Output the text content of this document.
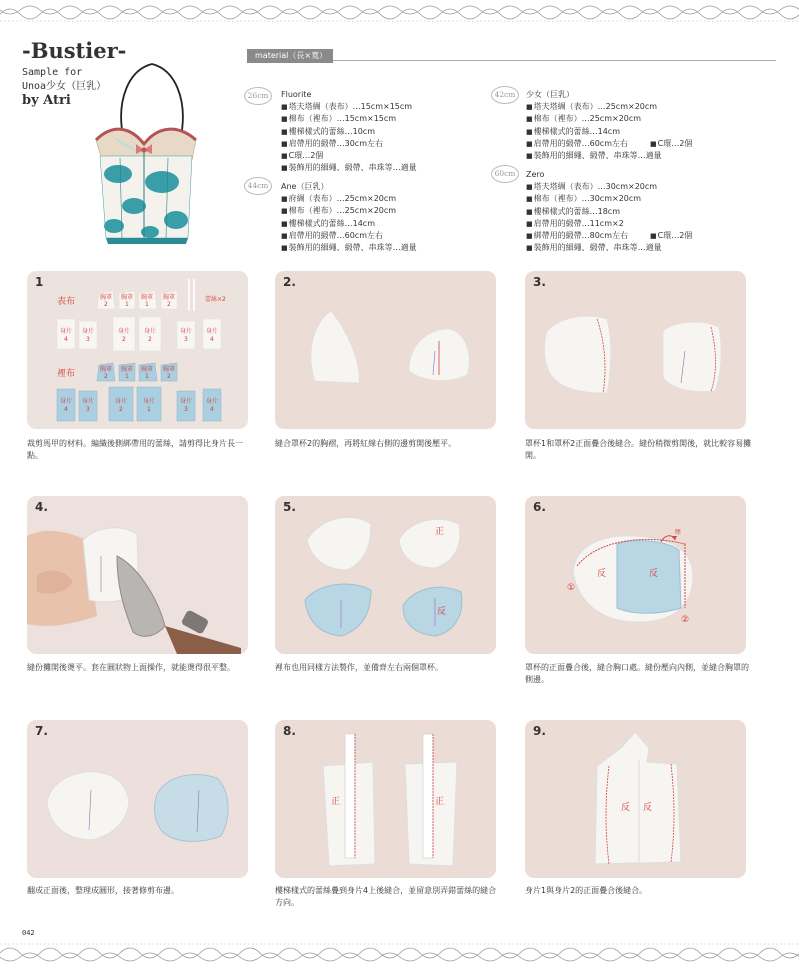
-Bustier-
Sample for
Unoa少女（巨乳）
by Atri
material（長×寬）
26cm	Fluorite
■ 塔夫塔綢（表布）…15cm×15cm
■ 棉布（裡布）…15cm×15cm
■ 樓梯樣式的蕾絲…10cm
■ 肩帶用的緞帶…30cm左右
■ C環…2個
■ 裝飾用的細繩、緞帶、串珠等…適量
44cm	Ane（巨乳）
■ 府綢（表布）…25cm×20cm
■ 棉布（裡布）…25cm×20cm
■ 樓梯樣式的蕾絲…14cm
■ 肩帶用的緞帶…60cm左右
■ 裝飾用的細繩、緞帶、串珠等…適量
42cm	少女（巨乳）
■ 塔夫塔綢（表布）…25cm×20cm
■ 棉布（裡布）…25cm×20cm
■ 樓梯樣式的蕾絲…14cm
■ 肩帶用的緞帶…60cm左右	■ C環…2個
■ 裝飾用的細繩、緞帶、串珠等…適量
60cm	Zero
■ 塔夫塔綢（表布）…30cm×20cm
■ 棉布（裡布）…30cm×20cm
■ 樓梯樣式的蕾絲…18cm
■ 肩帶用的緞帶…11cm×2
■ 綁帶用的緞帶…80cm左右	■ C環…2個
■ 裝飾用的細繩、緞帶、串珠等…適量
表布
裡布
蕾絲×2
胸罩
2
胸罩
1
胸罩
1
胸罩
2
身片
4
身片
3
身片
2
身片
2
身片
3
身片
4
胸罩
2
胸罩
1
胸罩
1
胸罩
2
身片
4
身片
3
身片
2
身片
1
身片
3
身片
4
1
裁剪馬甲的材料。編織後側綁帶用的蕾絲，請剪得比身片長一點。
2.
縫合罩杯2的胸褶，再將紅線右側的邊剪開後壓平。
3.
罩杯1和罩杯2正面疊合後縫合。縫份稍微剪開後，就比較容易攤開。
4.
縫份攤開後燙平。套在圓狀物上面操作，就能燙得很平整。
正
反
5.
裡布也用同樣方法製作，並備齊左右兩個罩杯。
壓
反	反
①
②
6.
罩杯的正面疊合後，縫合胸口處。縫份壓向內側，並縫合胸罩的側邊。
7.
翻成正面後，整理成圓形，接著修剪布邊。
正	正
8.
樓梯樣式的蕾絲疊到身片4上後縫合，並留意別弄錯蕾絲的縫合方向。
反 反
9.
身片1與身片2的正面疊合後縫合。
042
